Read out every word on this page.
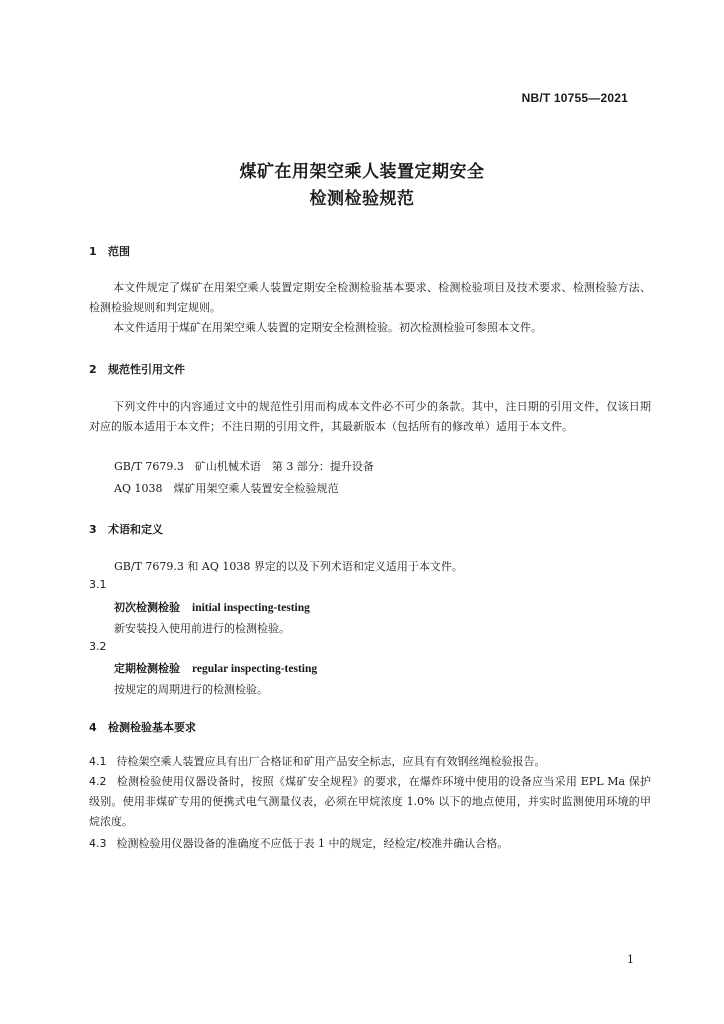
NB/T 10755—2021
煤矿在用架空乘人装置定期安全
检测检验规范
1 范围
本文件规定了煤矿在用架空乘人装置定期安全检测检验基本要求、检测检验项目及技术要求、检测检验方法、检测检验规则和判定规则。
本文件适用于煤矿在用架空乘人装置的定期安全检测检验。初次检测检验可参照本文件。
2 规范性引用文件
下列文件中的内容通过文中的规范性引用而构成本文件必不可少的条款。其中，注日期的引用文件，仅该日期对应的版本适用于本文件；不注日期的引用文件，其最新版本（包括所有的修改单）适用于本文件。
GB/T 7679.3　 矿山机械术语　第 3 部分：提升设备
AQ 1038　 煤矿用架空乘人装置安全检验规范
3 术语和定义
GB/T 7679.3 和 AQ 1038 界定的以及下列术语和定义适用于本文件。
3.1
初次检测检验 initial inspecting-testing
新安装投入使用前进行的检测检验。
3.2
定期检测检验 regular inspecting-testing
按规定的周期进行的检测检验。
4 检测检验基本要求
4.1 待检架空乘人装置应具有出厂合格证和矿用产品安全标志，应具有有效钢丝绳检验报告。
4.2 检测检验使用仪器设备时，按照《煤矿安全规程》的要求，在爆炸环境中使用的设备应当采用 EPL Ma 保护级别。使用非煤矿专用的便携式电气测量仪表，必须在甲烷浓度 1.0% 以下的地点使用，并实时监测使用环境的甲烷浓度。
4.3 检测检验用仪器设备的准确度不应低于表 1 中的规定，经检定/校准并确认合格。
1
